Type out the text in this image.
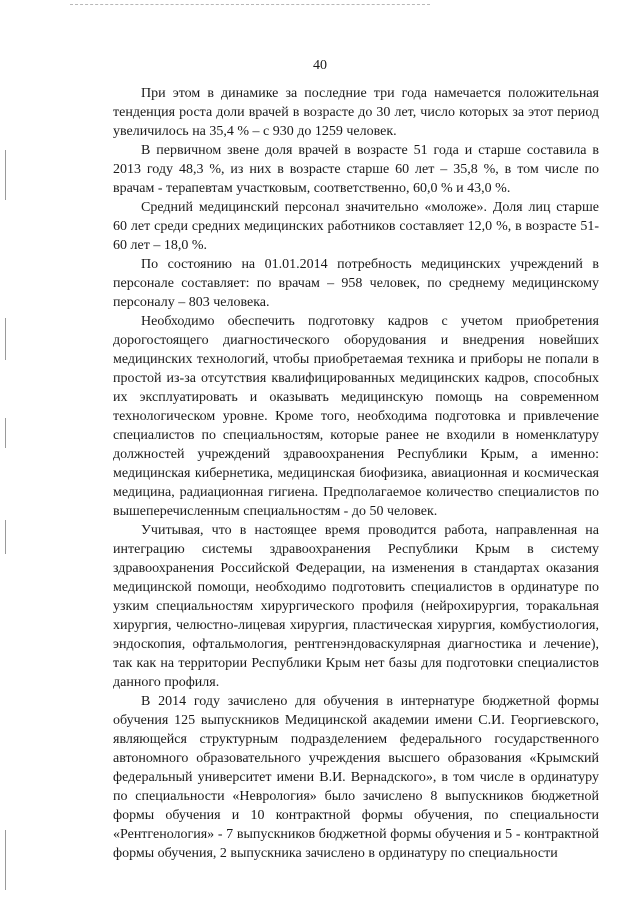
40

При этом в динамике за последние три года намечается положительная тенденция роста доли врачей в возрасте до 30 лет, число которых за этот период увеличилось на 35,4 % – с 930 до 1259 человек.

В первичном звене доля врачей в возрасте 51 года и старше составила в 2013 году 48,3 %, из них в возрасте старше 60 лет – 35,8 %, в том числе по врачам - терапевтам участковым, соответственно, 60,0 % и 43,0 %.

Средний медицинский персонал значительно «моложе». Доля лиц старше 60 лет среди средних медицинских работников составляет 12,0 %, в возрасте 51-60 лет – 18,0 %.

По состоянию на 01.01.2014 потребность медицинских учреждений в персонале составляет: по врачам – 958 человек, по среднему медицинскому персоналу – 803 человека.

Необходимо обеспечить подготовку кадров с учетом приобретения дорогостоящего диагностического оборудования и внедрения новейших медицинских технологий, чтобы приобретаемая техника и приборы не попали в простой из-за отсутствия квалифицированных медицинских кадров, способных их эксплуатировать и оказывать медицинскую помощь на современном технологическом уровне. Кроме того, необходима подготовка и привлечение специалистов по специальностям, которые ранее не входили в номенклатуру должностей учреждений здравоохранения Республики Крым, а именно: медицинская кибернетика, медицинская биофизика, авиационная и космическая медицина, радиационная гигиена. Предполагаемое количество специалистов по вышеперечисленным специальностям - до 50 человек.

Учитывая, что в настоящее время проводится работа, направленная на интеграцию системы здравоохранения Республики Крым в систему здравоохранения Российской Федерации, на изменения в стандартах оказания медицинской помощи, необходимо подготовить специалистов в ординатуре по узким специальностям хирургического профиля (нейрохирургия, торакальная хирургия, челюстно-лицевая хирургия, пластическая хирургия, комбустиология, эндоскопия, офтальмология, рентгенэндоваскулярная диагностика и лечение), так как на территории Республики Крым нет базы для подготовки специалистов данного профиля.

В 2014 году зачислено для обучения в интернатуре бюджетной формы обучения 125 выпускников Медицинской академии имени С.И. Георгиевского, являющейся структурным подразделением федерального государственного автономного образовательного учреждения высшего образования «Крымский федеральный университет имени В.И. Вернадского», в том числе в ординатуру по специальности «Неврология» было зачислено 8 выпускников бюджетной формы обучения и 10 контрактной формы обучения, по специальности «Рентгенология» - 7 выпускников бюджетной формы обучения и 5 - контрактной формы обучения, 2 выпускника зачислено в ординатуру по специальности
